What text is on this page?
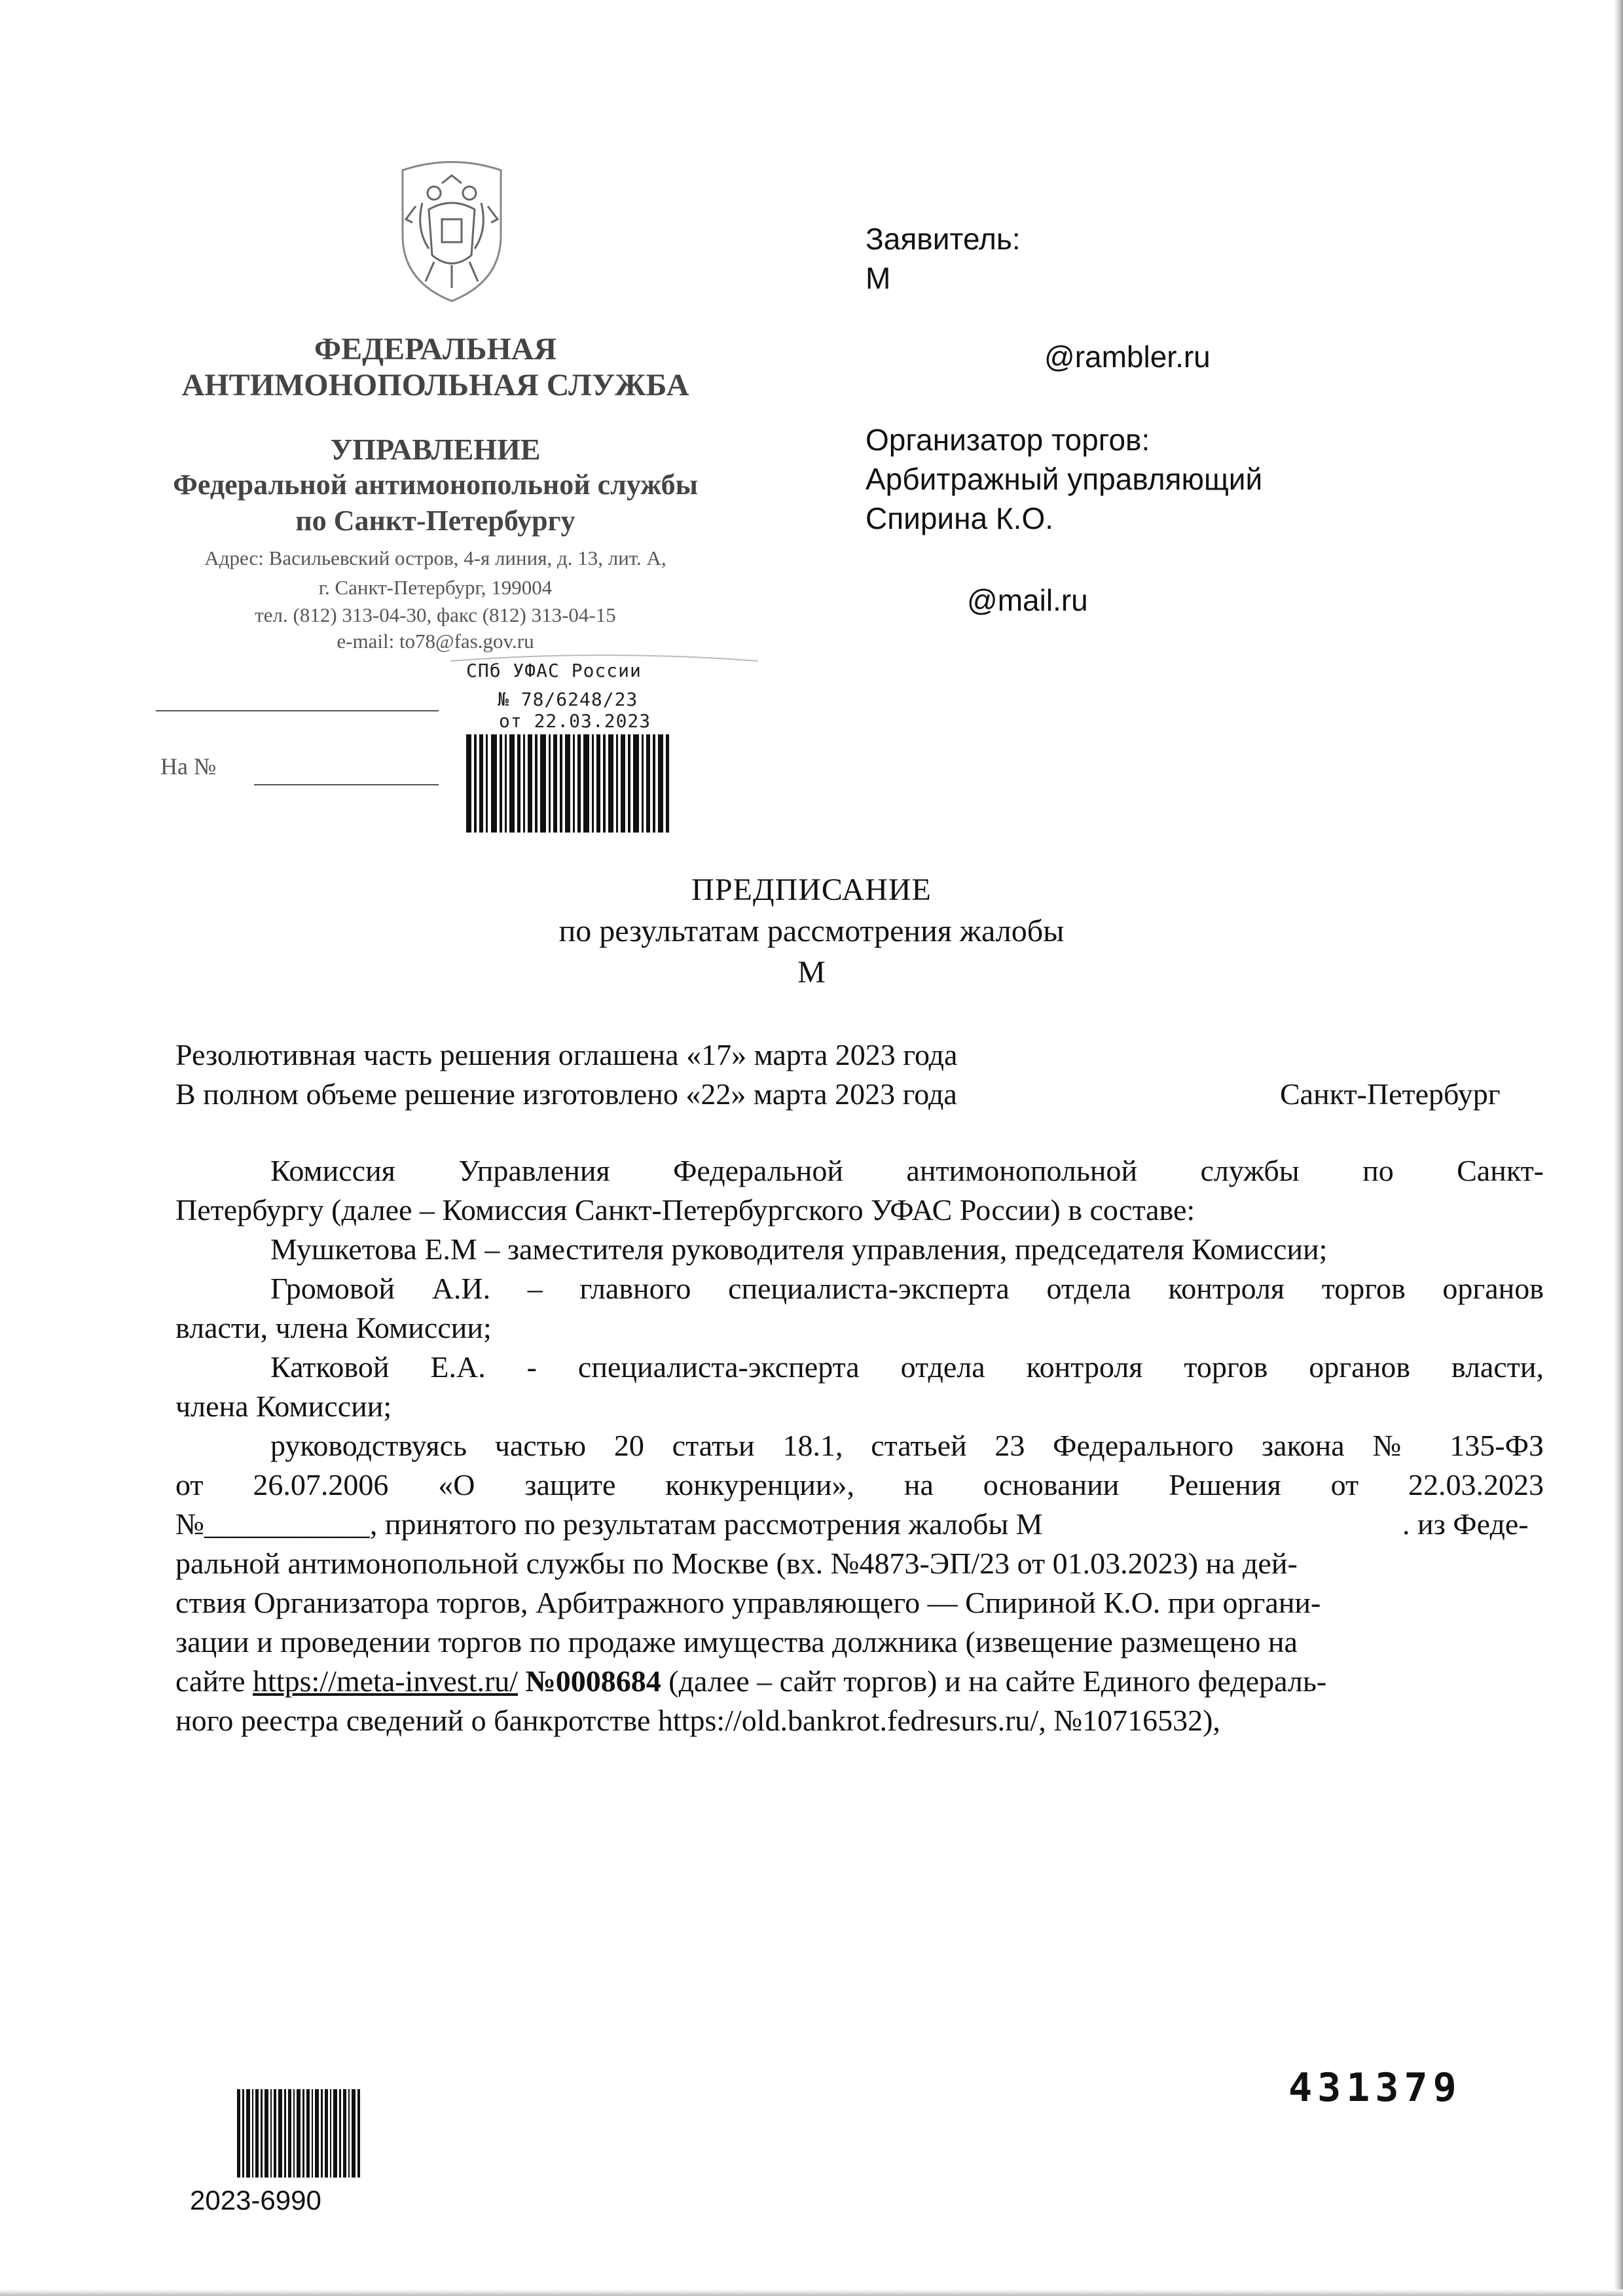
ФЕДЕРАЛЬНАЯ
АНТИМОНОПОЛЬНАЯ СЛУЖБА
УПРАВЛЕНИЕ
Федеральной антимонопольной службы
по Санкт-Петербургу
Адрес: Васильевский остров, 4-я линия, д. 13, лит. А,
г. Санкт-Петербург, 199004
тел. (812) 313-04-30, факс (812) 313-04-15
e-mail: to78@fas.gov.ru
На №
СПб УФАС России
№ 78/6248/23
от 22.03.2023
Заявитель:
М
@rambler.ru
Организатор торгов:
Арбитражный управляющий
Спирина К.О.
@mail.ru
ПРЕДПИСАНИЕ
по результатам рассмотрения жалобы
М
Резолютивная часть решения оглашена «17» марта 2023 года
В полном объеме решение изготовлено «22» марта 2023 года	Санкт-Петербург
Комиссия Управления Федеральной антимонопольной службы по Санкт-
Петербургу (далее – Комиссия Санкт-Петербургского УФАС России) в составе:
Мушкетова Е.М – заместителя руководителя управления, председателя Комиссии;
Громовой А.И. – главного специалиста-эксперта отдела контроля торгов органов
власти, члена Комиссии;
Катковой Е.А. - специалиста-эксперта отдела контроля торгов органов власти,
члена Комиссии;
руководствуясь частью 20 статьи 18.1, статьей 23 Федерального закона № 135-ФЗ
от 26.07.2006 «О защите конкуренции», на основании Решения от 22.03.2023
№___________, принятого по результатам рассмотрения жалобы М	. из Феде-
ральной антимонопольной службы по Москве (вх. №4873-ЭП/23 от 01.03.2023) на дей-
ствия Организатора торгов, Арбитражного управляющего — Спириной К.О. при органи-
зации и проведении торгов по продаже имущества должника (извещение размещено на
сайте https://meta-invest.ru/ №0008684 (далее – сайт торгов) и на сайте Единого федераль-
ного реестра сведений о банкротстве https://old.bankrot.fedresurs.ru/, №10716532),
431379
2023-6990
